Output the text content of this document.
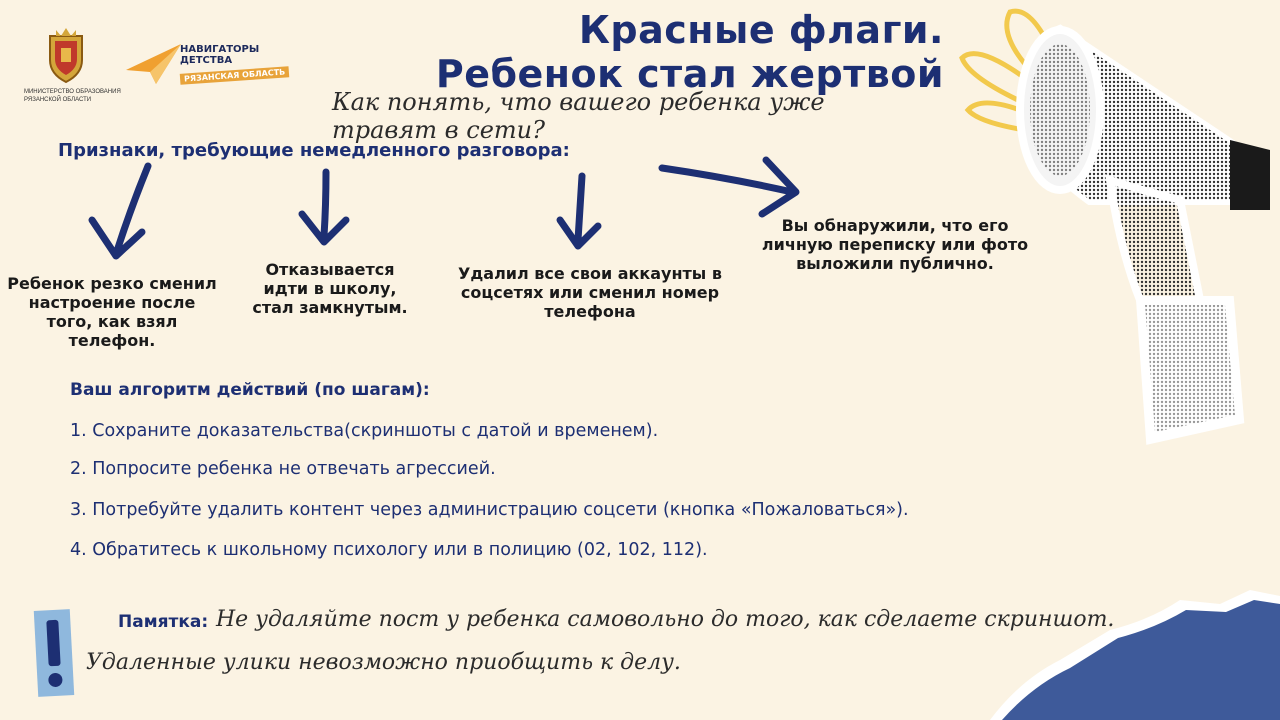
МИНИСТЕРСТВО ОБРАЗОВАНИЯ РЯЗАНСКОЙ ОБЛАСТИ
НАВИГАТОРЫ ДЕТСТВА
РЯЗАНСКАЯ ОБЛАСТЬ
Красные флаги.
Ребенок стал жертвой
Как понять, что вашего ребенка уже травят в сети?
Признаки, требующие немедленного разговора:
Ребенок резко сменил настроение после того, как взял телефон.
Отказывается идти в школу, стал замкнутым.
Удалил все свои аккаунты в соцсетях или сменил номер телефона
Вы обнаружили, что его личную переписку или фото выложили публично.
Ваш алгоритм действий (по шагам):
1. Сохраните доказательства(скриншоты с датой и временем).
2. Попросите ребенка не отвечать агрессией.
3. Потребуйте удалить контент через администрацию соцсети (кнопка «Пожаловаться»).
4. Обратитесь к школьному психологу или в полицию (02, 102, 112).
Памятка: Не удаляйте пост у ребенка самовольно до того, как сделаете скриншот.
Удаленные улики невозможно приобщить к делу.
